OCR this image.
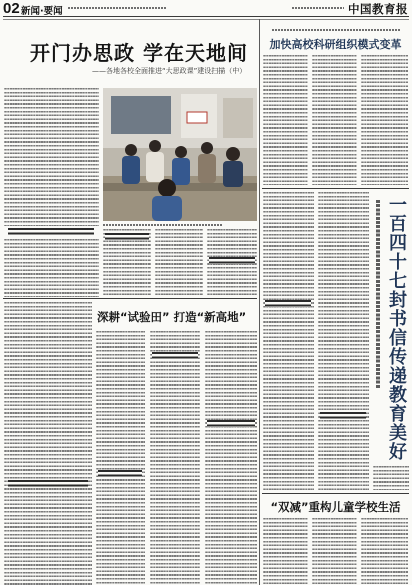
02 新闻·要闻	中国教育报
开门办思政 学在天地间
——各地各校全面推进“大思政课”建设扫描（中）
深耕“试验田” 打造“新高地”
加快高校科研组织模式变革
一百四十七封书信传递教育美好
“双减”重构儿童学校生活
